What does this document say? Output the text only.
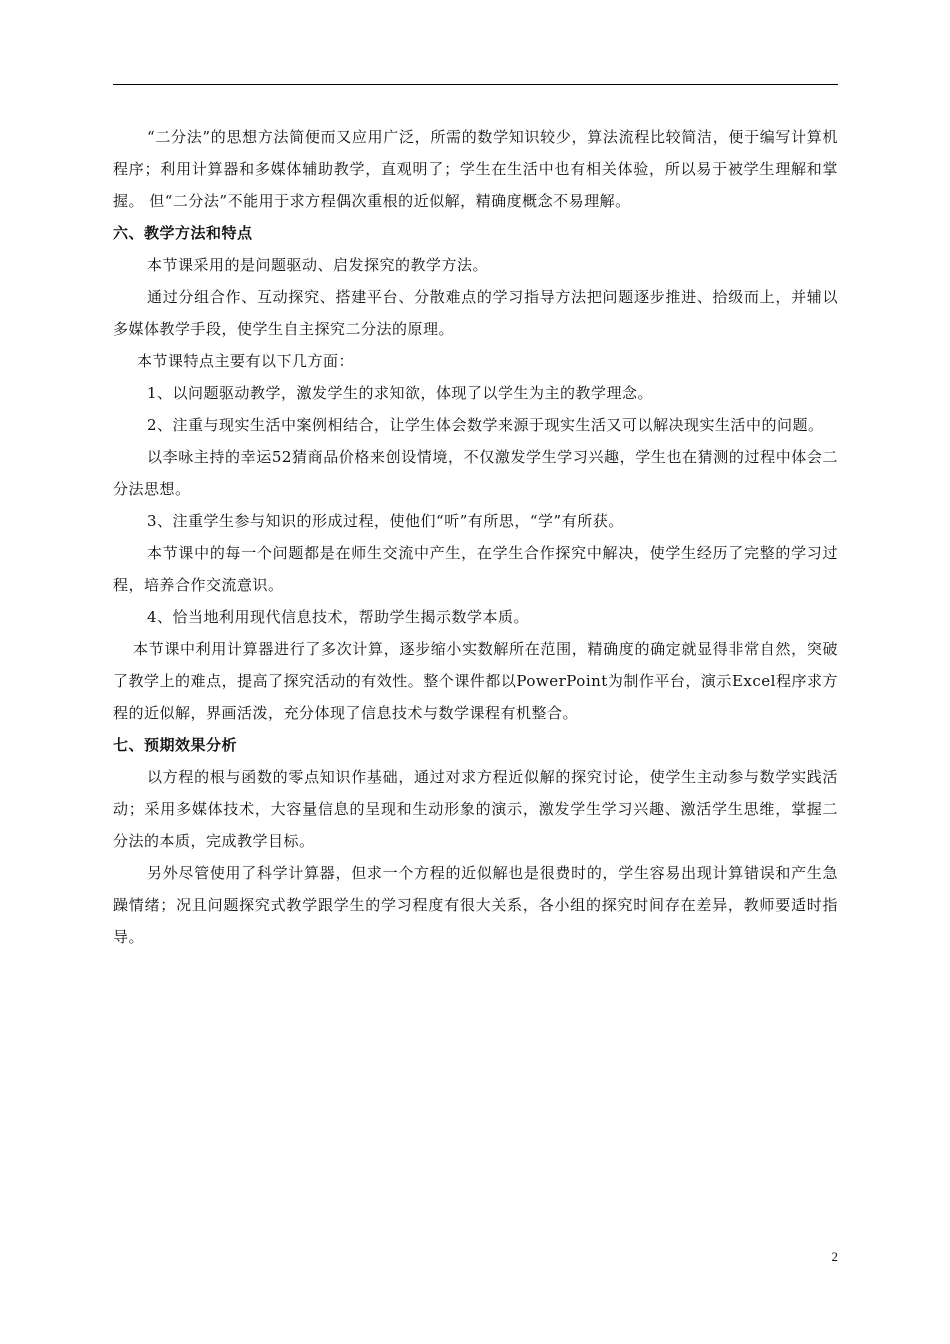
“二分法”的思想方法简便而又应用广泛，所需的数学知识较少，算法流程比较简洁，便于编写计算机程序；利用计算器和多媒体辅助教学，直观明了；学生在生活中也有相关体验，所以易于被学生理解和掌握。 但“二分法”不能用于求方程偶次重根的近似解，精确度概念不易理解。

六、教学方法和特点

本节课采用的是问题驱动、启发探究的教学方法。

通过分组合作、互动探究、搭建平台、分散难点的学习指导方法把问题逐步推进、拾级而上，并辅以多媒体教学手段，使学生自主探究二分法的原理。

本节课特点主要有以下几方面：

1、以问题驱动教学，激发学生的求知欲，体现了以学生为主的教学理念。

2、注重与现实生活中案例相结合，让学生体会数学来源于现实生活又可以解决现实生活中的问题。

以李咏主持的幸运52猜商品价格来创设情境，不仅激发学生学习兴趣，学生也在猜测的过程中体会二分法思想。

3、注重学生参与知识的形成过程，使他们“听”有所思，“学”有所获。

本节课中的每一个问题都是在师生交流中产生，在学生合作探究中解决，使学生经历了完整的学习过程，培养合作交流意识。

4、恰当地利用现代信息技术，帮助学生揭示数学本质。

本节课中利用计算器进行了多次计算，逐步缩小实数解所在范围，精确度的确定就显得非常自然，突破了教学上的难点，提高了探究活动的有效性。整个课件都以PowerPoint为制作平台，演示Excel程序求方程的近似解，界画活泼，充分体现了信息技术与数学课程有机整合。

七、预期效果分析

以方程的根与函数的零点知识作基础，通过对求方程近似解的探究讨论，使学生主动参与数学实践活动；采用多媒体技术，大容量信息的呈现和生动形象的演示，激发学生学习兴趣、激活学生思维，掌握二分法的本质，完成教学目标。

另外尽管使用了科学计算器，但求一个方程的近似解也是很费时的，学生容易出现计算错误和产生急躁情绪；况且问题探究式教学跟学生的学习程度有很大关系，各小组的探究时间存在差异，教师要适时指导。

2
